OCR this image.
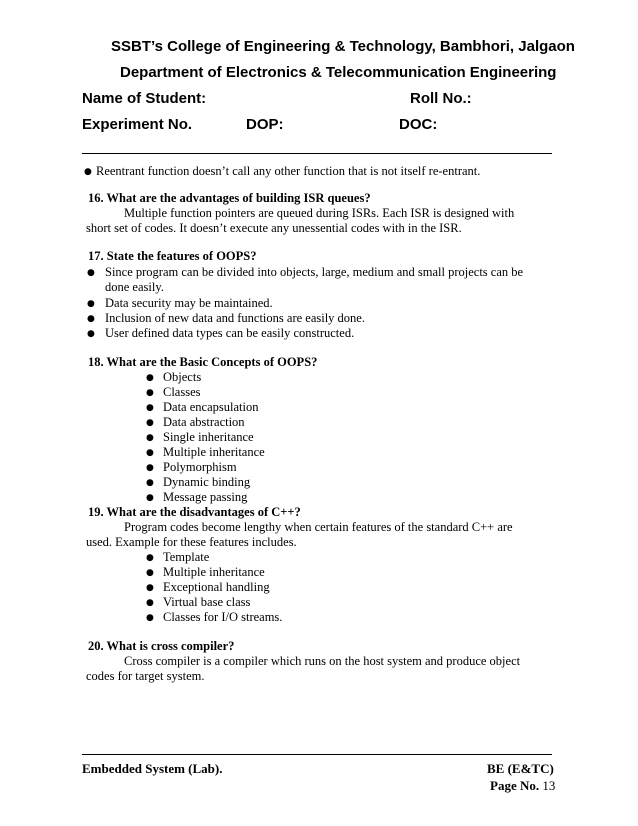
SSBT’s College of Engineering & Technology, Bambhori, Jalgaon
Department of Electronics & Telecommunication Engineering
Name of Student:	Roll No.:
Experiment No.	DOP:	DOC:
● Reentrant function doesn’t call any other function that is not itself re-entrant.
16. What are the advantages of building ISR queues?
Multiple function pointers are queued during ISRs. Each ISR is designed with
short set of codes. It doesn’t execute any unessential codes with in the ISR.
17. State the features of OOPS?
● Since program can be divided into objects, large, medium and small projects can be
done easily.
● Data security may be maintained.
● Inclusion of new data and functions are easily done.
● User defined data types can be easily constructed.
18. What are the Basic Concepts of OOPS?
● Objects
● Classes
● Data encapsulation
● Data abstraction
● Single inheritance
● Multiple inheritance
● Polymorphism
● Dynamic binding
● Message passing
19. What are the disadvantages of C++?
Program codes become lengthy when certain features of the standard C++ are
used. Example for these features includes.
● Template
● Multiple inheritance
● Exceptional handling
● Virtual base class
● Classes for I/O streams.
20. What is cross compiler?
Cross compiler is a compiler which runs on the host system and produce object
codes for target system.
Embedded System (Lab).	BE (E&TC)
Page No. 13
